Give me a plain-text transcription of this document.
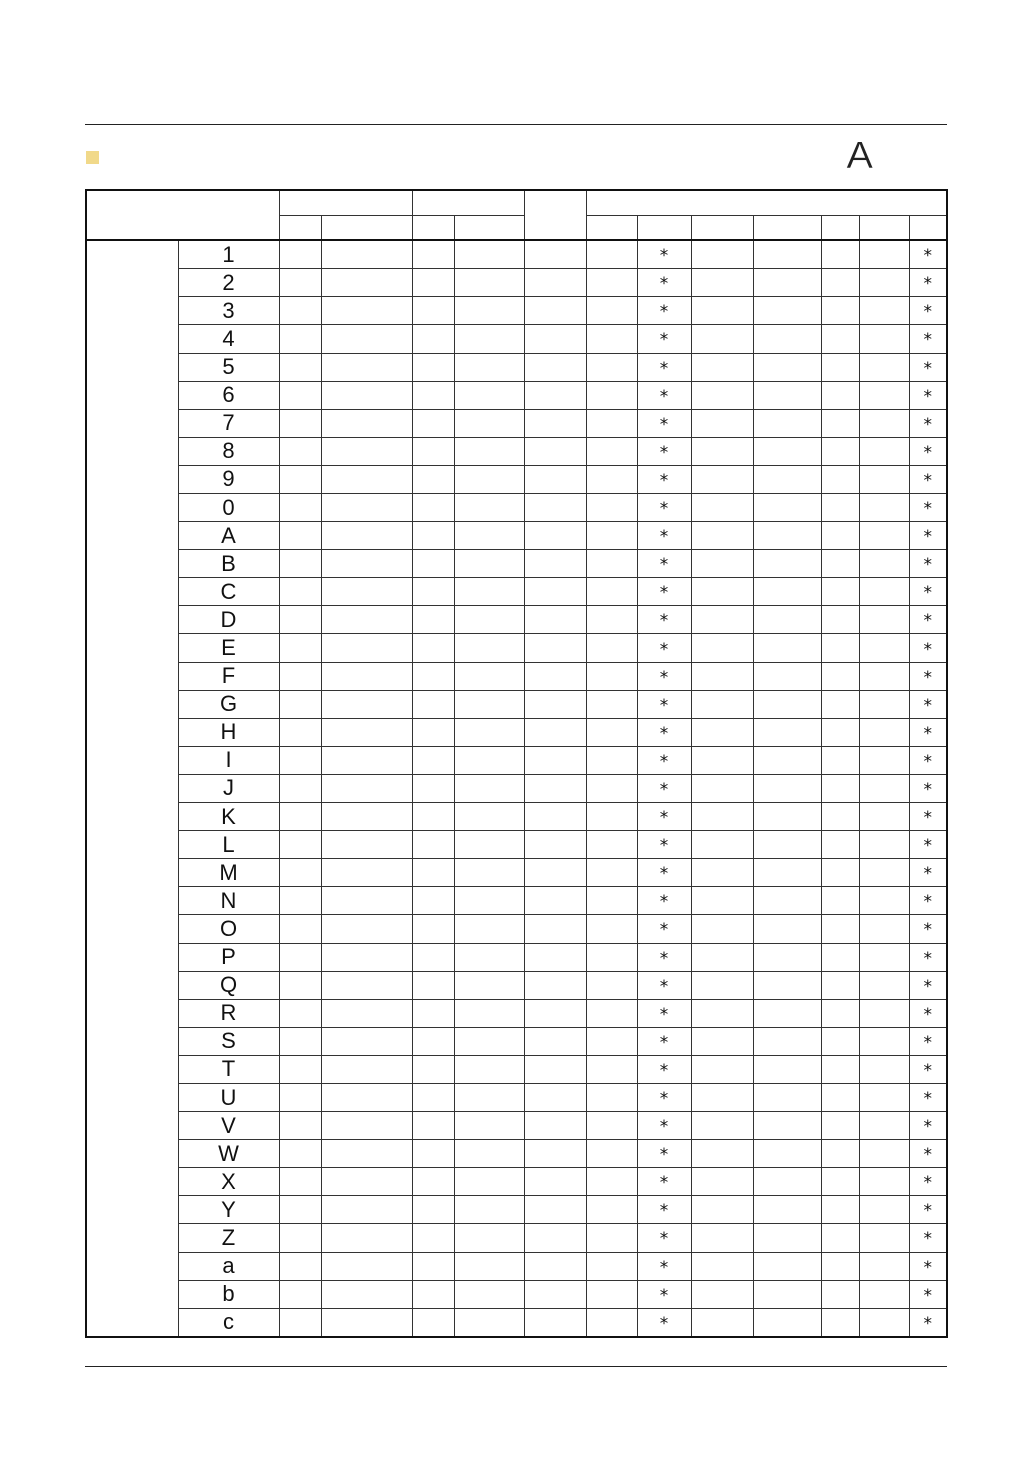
A

	1							*					*
	2							*					*
	3							*					*
	4							*					*
	5							*					*
	6							*					*
	7							*					*
	8							*					*
	9							*					*
	0							*					*
	A							*					*
	B							*					*
	C							*					*
	D							*					*
	E							*					*
	F							*					*
	G							*					*
	H							*					*
	I							*					*
	J							*					*
	K							*					*
	L							*					*
	M							*					*
	N							*					*
	O							*					*
	P							*					*
	Q							*					*
	R							*					*
	S							*					*
	T							*					*
	U							*					*
	V							*					*
	W							*					*
	X							*					*
	Y							*					*
	Z							*					*
	a							*					*
	b							*					*
	c							*					*
